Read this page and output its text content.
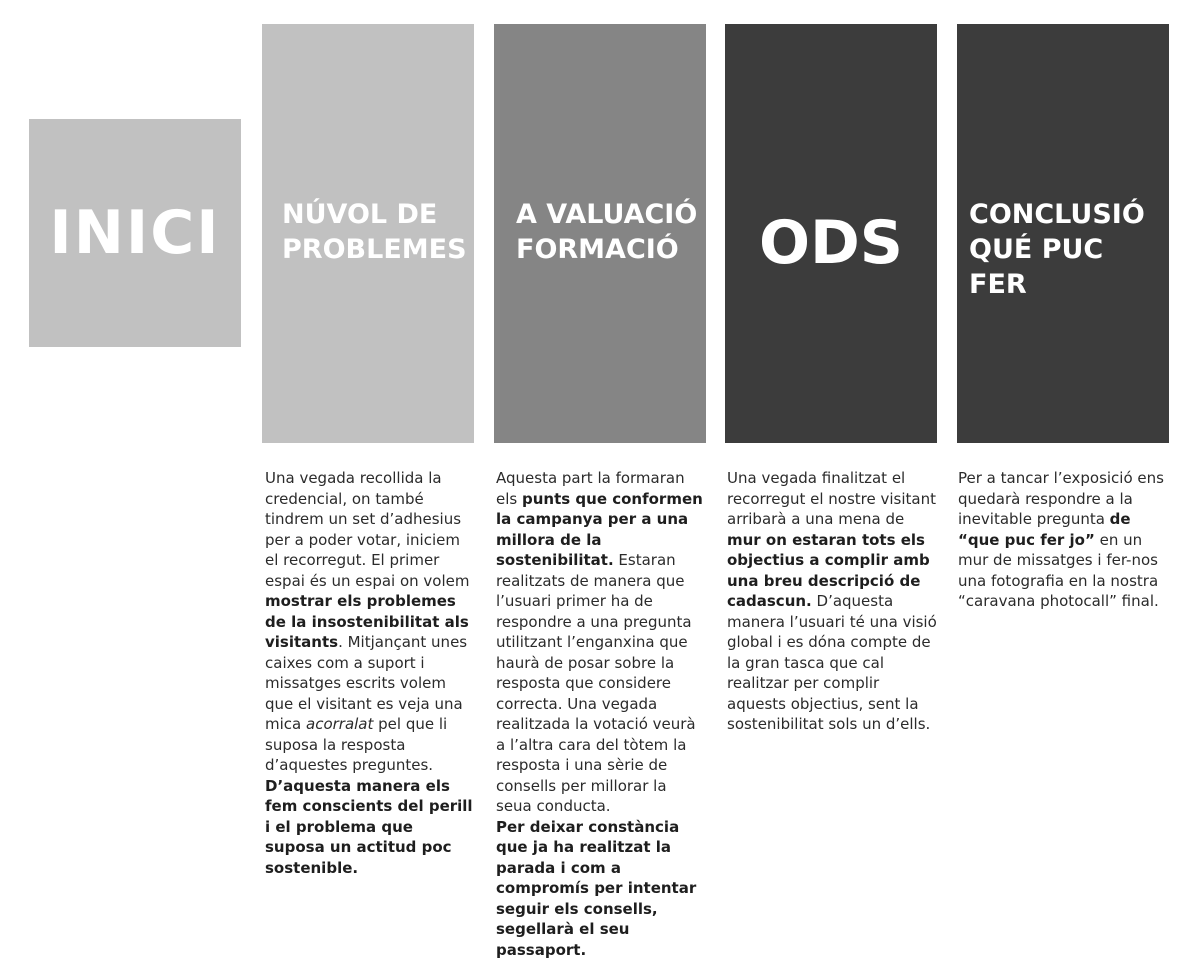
INICI	NÚVOL DE
PROBLEMES
A VALUACIÓ
FORMACIÓ	ODS	CONCLUSIÓ
QUÉ PUC FER
Una vegada recollida la credencial, on també tindrem un set d’adhesius per a poder votar, iniciem el recorregut. El primer espai és un espai on volem mostrar els problemes de la insostenibilitat als visitants. Mitjançant unes caixes com a suport i missatges escrits volem que el visitant es veja una mica acorralat pel que li suposa la resposta d’aquestes preguntes.
D’aquesta manera els fem conscients del perill i el problema que suposa un actitud poc sostenible.
Aquesta part la formaran els punts que conformen la campanya per a una millora de la sostenibilitat. Estaran realitzats de manera que l’usuari primer ha de respondre a una pregunta utilitzant l’enganxina que haurà de posar sobre la resposta que considere correcta. Una vegada realitzada la votació veurà a l’altra cara del tòtem la resposta i una sèrie de consells per millorar la seua conducta.
Per deixar constància que ja ha realitzat la parada i com a compromís per intentar seguir els consells, segellarà el seu passaport.
Una vegada finalitzat el recorregut el nostre visitant arribarà a una mena de mur on estaran tots els objectius a complir amb una breu descripció de cadascun. D’aquesta manera l’usuari té una visió global i es dóna compte de la gran tasca que cal realitzar per complir aquests objectius, sent la sostenibilitat sols un d’ells.
Per a tancar l’exposició ens quedarà respondre a la inevitable pregunta de “que puc fer jo” en un mur de missatges i fer-nos una fotografia en la nostra “caravana photocall” final.
